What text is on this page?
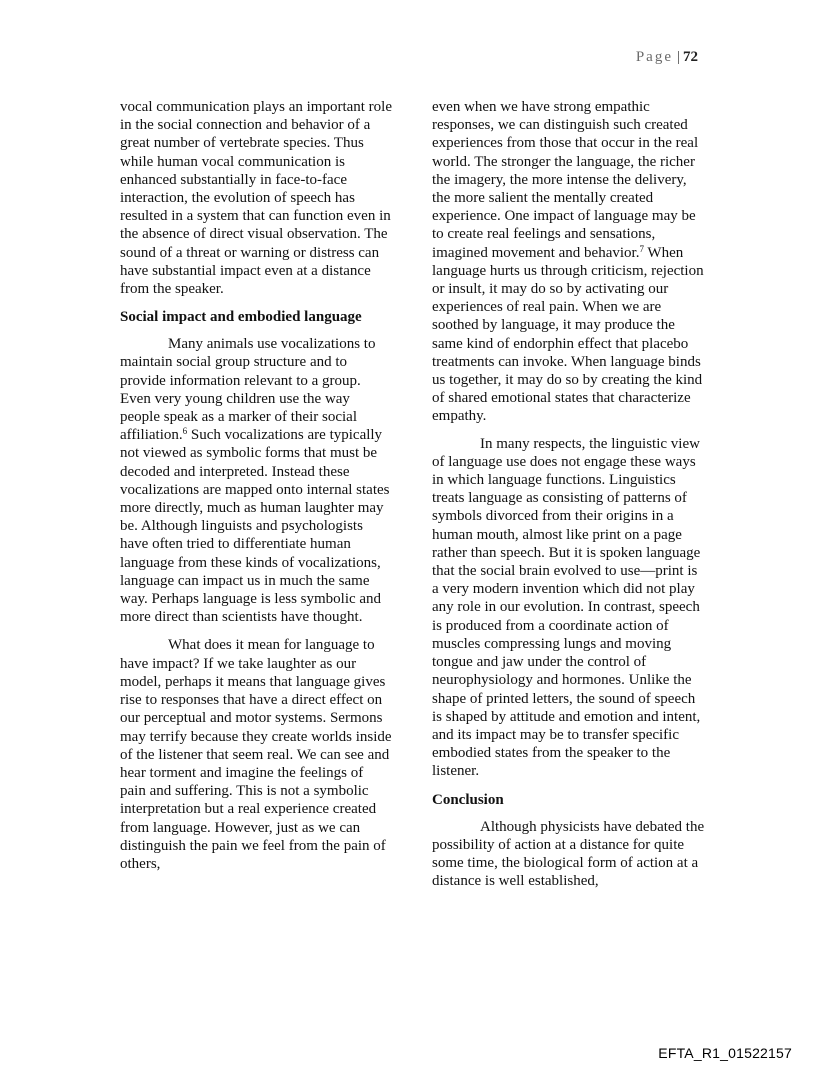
Page | 72

vocal communication plays an important role in the social connection and behavior of a great number of vertebrate species. Thus while human vocal communication is enhanced substantially in face-to-face interaction, the evolution of speech has resulted in a system that can function even in the absence of direct visual observation. The sound of a threat or warning or distress can have substantial impact even at a distance from the speaker.

Social impact and embodied language

Many animals use vocalizations to maintain social group structure and to provide information relevant to a group. Even very young children use the way people speak as a marker of their social affiliation.$^6$ Such vocalizations are typically not viewed as symbolic forms that must be decoded and interpreted. Instead these vocalizations are mapped onto internal states more directly, much as human laughter may be. Although linguists and psychologists have often tried to differentiate human language from these kinds of vocalizations, language can impact us in much the same way. Perhaps language is less symbolic and more direct than scientists have thought.

What does it mean for language to have impact? If we take laughter as our model, perhaps it means that language gives rise to responses that have a direct effect on our perceptual and motor systems. Sermons may terrify because they create worlds inside of the listener that seem real. We can see and hear torment and imagine the feelings of pain and suffering. This is not a symbolic interpretation but a real experience created from language. However, just as we can distinguish the pain we feel from the pain of others,

even when we have strong empathic responses, we can distinguish such created experiences from those that occur in the real world. The stronger the language, the richer the imagery, the more intense the delivery, the more salient the mentally created experience. One impact of language may be to create real feelings and sensations, imagined movement and behavior.$^7$ When language hurts us through criticism, rejection or insult, it may do so by activating our experiences of real pain. When we are soothed by language, it may produce the same kind of endorphin effect that placebo treatments can invoke. When language binds us together, it may do so by creating the kind of shared emotional states that characterize empathy.

In many respects, the linguistic view of language use does not engage these ways in which language functions. Linguistics treats language as consisting of patterns of symbols divorced from their origins in a human mouth, almost like print on a page rather than speech. But it is spoken language that the social brain evolved to use—print is a very modern invention which did not play any role in our evolution. In contrast, speech is produced from a coordinate action of muscles compressing lungs and moving tongue and jaw under the control of neurophysiology and hormones. Unlike the shape of printed letters, the sound of speech is shaped by attitude and emotion and intent, and its impact may be to transfer specific embodied states from the speaker to the listener.

Conclusion

Although physicists have debated the possibility of action at a distance for quite some time, the biological form of action at a distance is well established,

EFTA_R1_01522157
